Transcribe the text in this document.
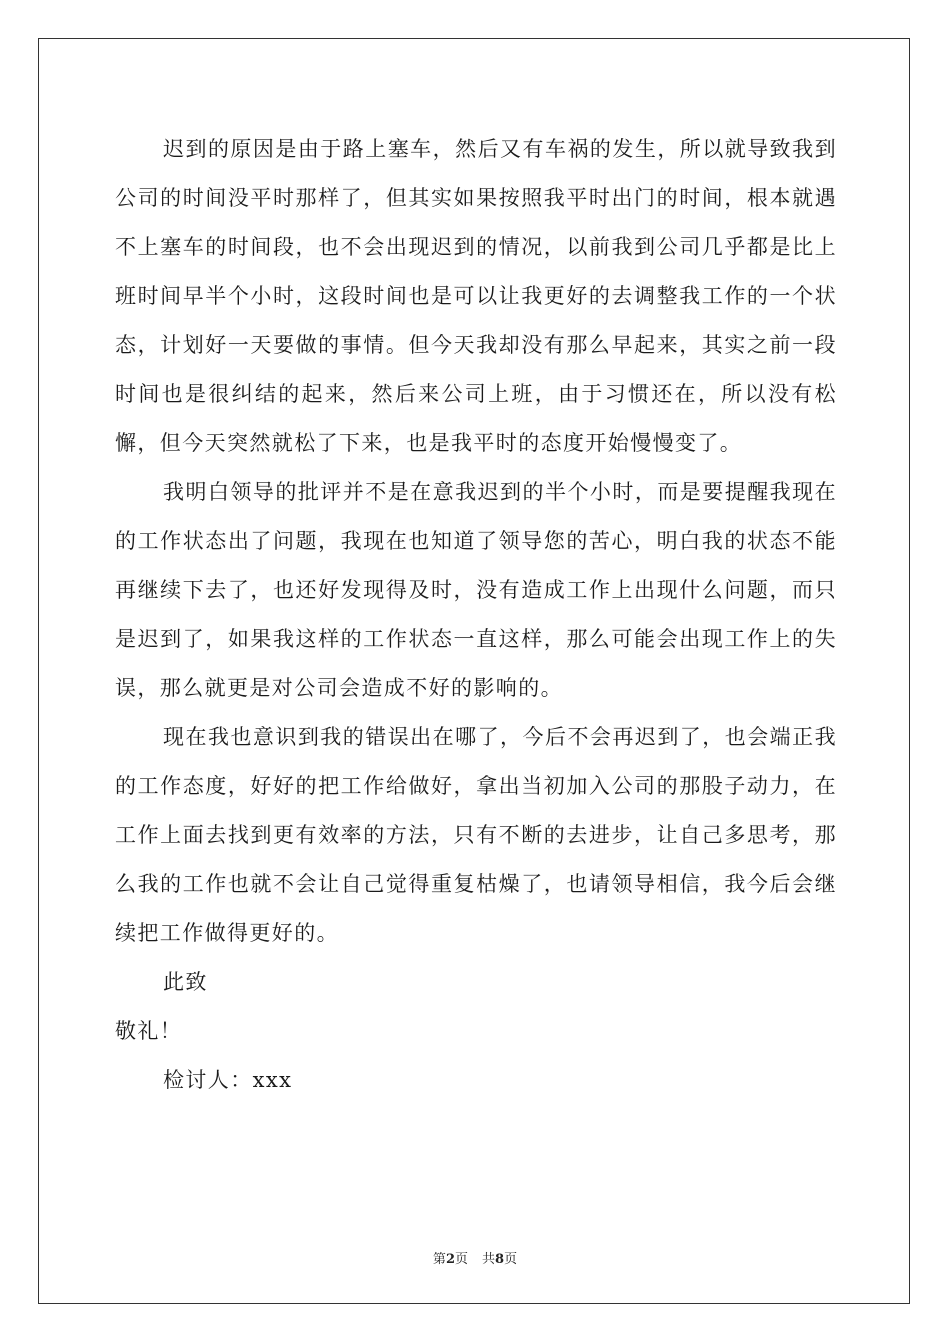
迟到的原因是由于路上塞车，然后又有车祸的发生，所以就导致我到公司的时间没平时那样了，但其实如果按照我平时出门的时间，根本就遇不上塞车的时间段，也不会出现迟到的情况，以前我到公司几乎都是比上班时间早半个小时，这段时间也是可以让我更好的去调整我工作的一个状态，计划好一天要做的事情。但今天我却没有那么早起来，其实之前一段时间也是很纠结的起来，然后来公司上班，由于习惯还在，所以没有松懈，但今天突然就松了下来，也是我平时的态度开始慢慢变了。

我明白领导的批评并不是在意我迟到的半个小时，而是要提醒我现在的工作状态出了问题，我现在也知道了领导您的苦心，明白我的状态不能再继续下去了，也还好发现得及时，没有造成工作上出现什么问题，而只是迟到了，如果我这样的工作状态一直这样，那么可能会出现工作上的失误，那么就更是对公司会造成不好的影响的。

现在我也意识到我的错误出在哪了，今后不会再迟到了，也会端正我的工作态度，好好的把工作给做好，拿出当初加入公司的那股子动力，在工作上面去找到更有效率的方法，只有不断的去进步，让自己多思考，那么我的工作也就不会让自己觉得重复枯燥了，也请领导相信，我今后会继续把工作做得更好的。

此致

敬礼！

检讨人：xxx

第2页 共8页
